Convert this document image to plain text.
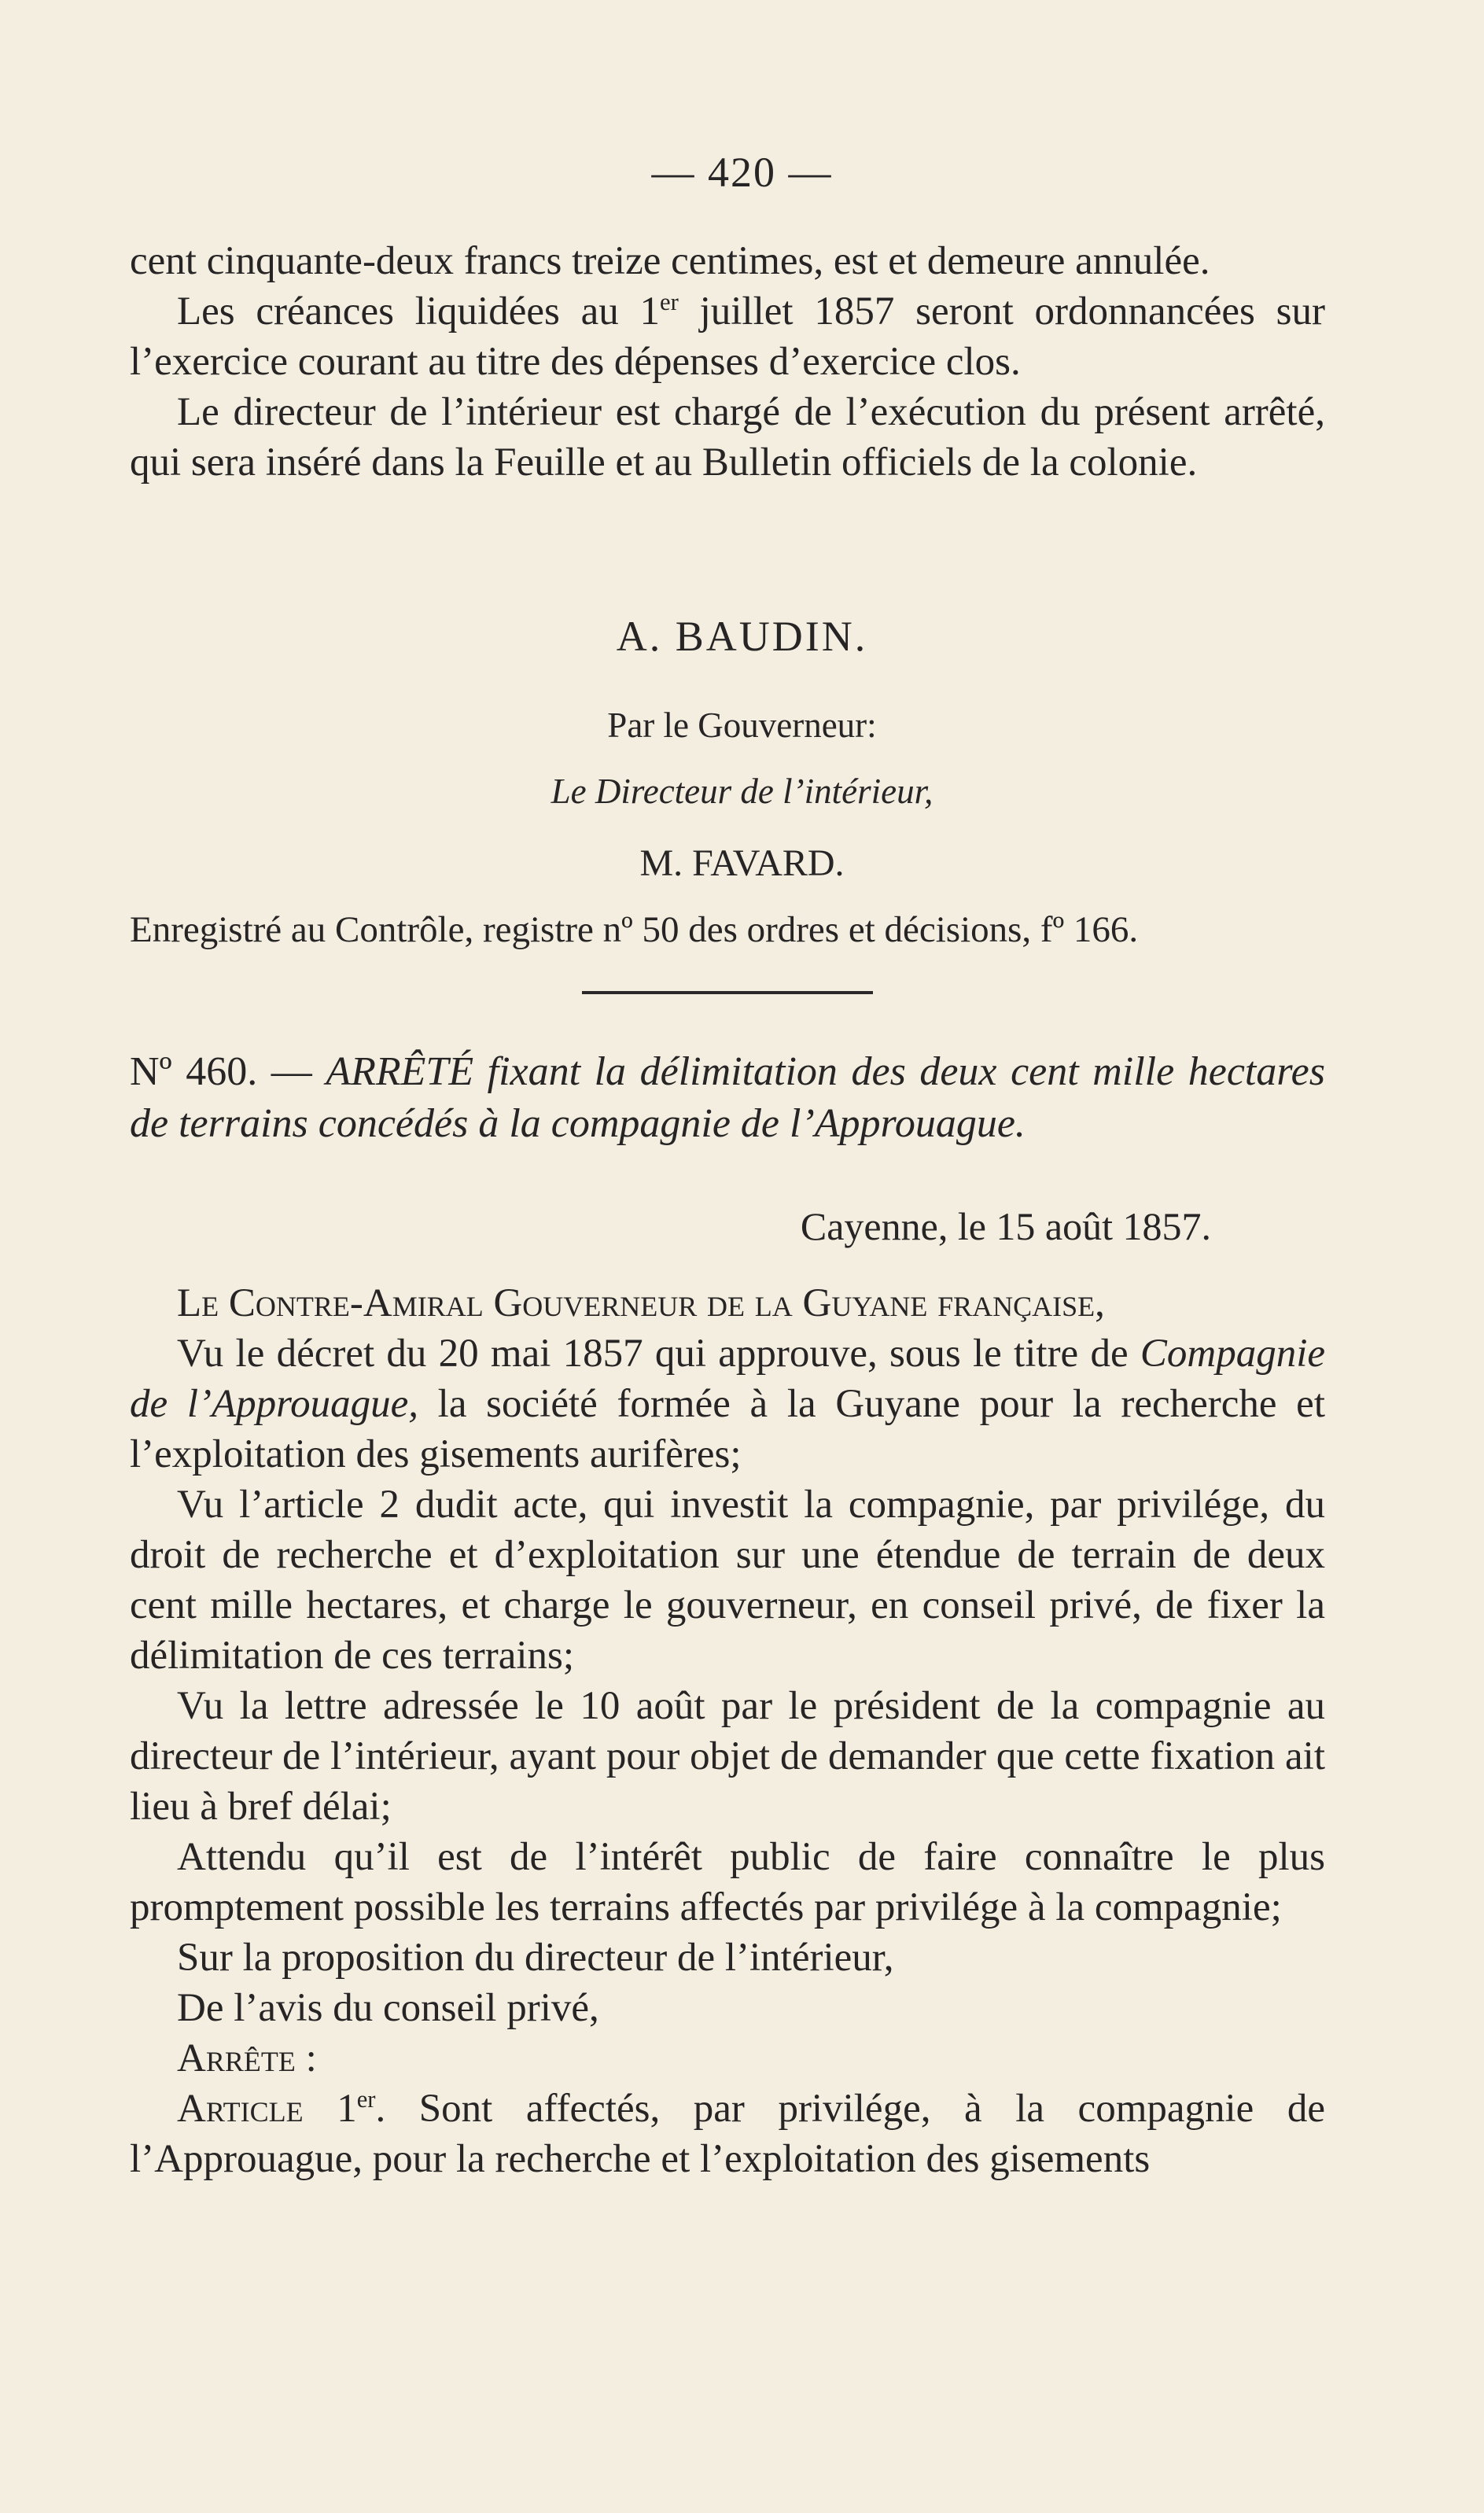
— 420 —

cent cinquante-deux francs treize centimes, est et demeure annulée.

Les créances liquidées au 1er juillet 1857 seront ordonnancées sur l’exercice courant au titre des dépenses d’exercice clos.

Le directeur de l’intérieur est chargé de l’exécution du présent arrêté, qui sera inséré dans la Feuille et au Bulletin officiels de la colonie.

A. BAUDIN.
Par le Gouverneur:
Le Directeur de l’intérieur,
M. FAVARD.

Enregistré au Contrôle, registre nº 50 des ordres et décisions, fº 166.

Nº 460. — ARRÊTÉ fixant la délimitation des deux cent mille hectares de terrains concédés à la compagnie de l’Approuague.

Cayenne, le 15 août 1857.

Le Contre-Amiral Gouverneur de la Guyane française,

Vu le décret du 20 mai 1857 qui approuve, sous le titre de Compagnie de l’Approuague, la société formée à la Guyane pour la recherche et l’exploitation des gisements aurifères;

Vu l’article 2 dudit acte, qui investit la compagnie, par privilége, du droit de recherche et d’exploitation sur une étendue de terrain de deux cent mille hectares, et charge le gouverneur, en conseil privé, de fixer la délimitation de ces terrains;

Vu la lettre adressée le 10 août par le président de la compagnie au directeur de l’intérieur, ayant pour objet de demander que cette fixation ait lieu à bref délai;

Attendu qu’il est de l’intérêt public de faire connaître le plus promptement possible les terrains affectés par privilége à la compagnie;

Sur la proposition du directeur de l’intérieur,

De l’avis du conseil privé,

Arrête :

Article 1er. Sont affectés, par privilége, à la compagnie de l’Approuague, pour la recherche et l’exploitation des gisements
